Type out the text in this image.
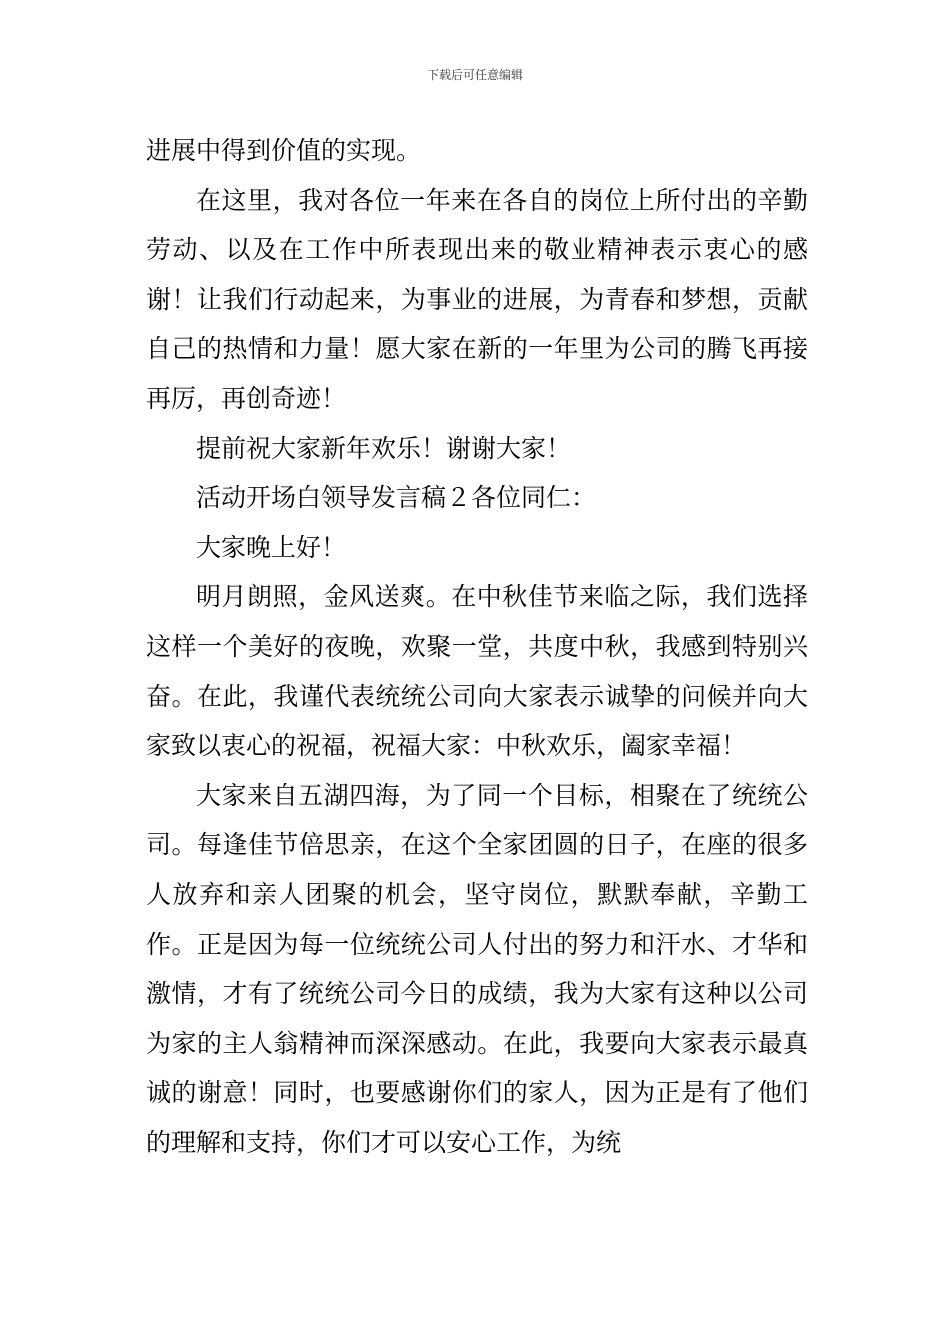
下载后可任意编辑

进展中得到价值的实现。

在这里，我对各位一年来在各自的岗位上所付出的辛勤劳动、以及在工作中所表现出来的敬业精神表示衷心的感谢！让我们行动起来，为事业的进展，为青春和梦想，贡献自己的热情和力量！愿大家在新的一年里为公司的腾飞再接再厉，再创奇迹！

提前祝大家新年欢乐！谢谢大家！

活动开场白领导发言稿２各位同仁：

大家晚上好！

明月朗照，金风送爽。在中秋佳节来临之际，我们选择这样一个美好的夜晚，欢聚一堂，共度中秋，我感到特别兴奋。在此，我谨代表统统公司向大家表示诚挚的问候并向大家致以衷心的祝福，祝福大家：中秋欢乐，阖家幸福！

大家来自五湖四海，为了同一个目标，相聚在了统统公司。每逢佳节倍思亲，在这个全家团圆的日子，在座的很多人放弃和亲人团聚的机会，坚守岗位，默默奉献，辛勤工作。正是因为每一位统统公司人付出的努力和汗水、才华和激情，才有了统统公司今日的成绩，我为大家有这种以公司为家的主人翁精神而深深感动。在此，我要向大家表示最真诚的谢意！同时，也要感谢你们的家人，因为正是有了他们的理解和支持，你们才可以安心工作，为统
